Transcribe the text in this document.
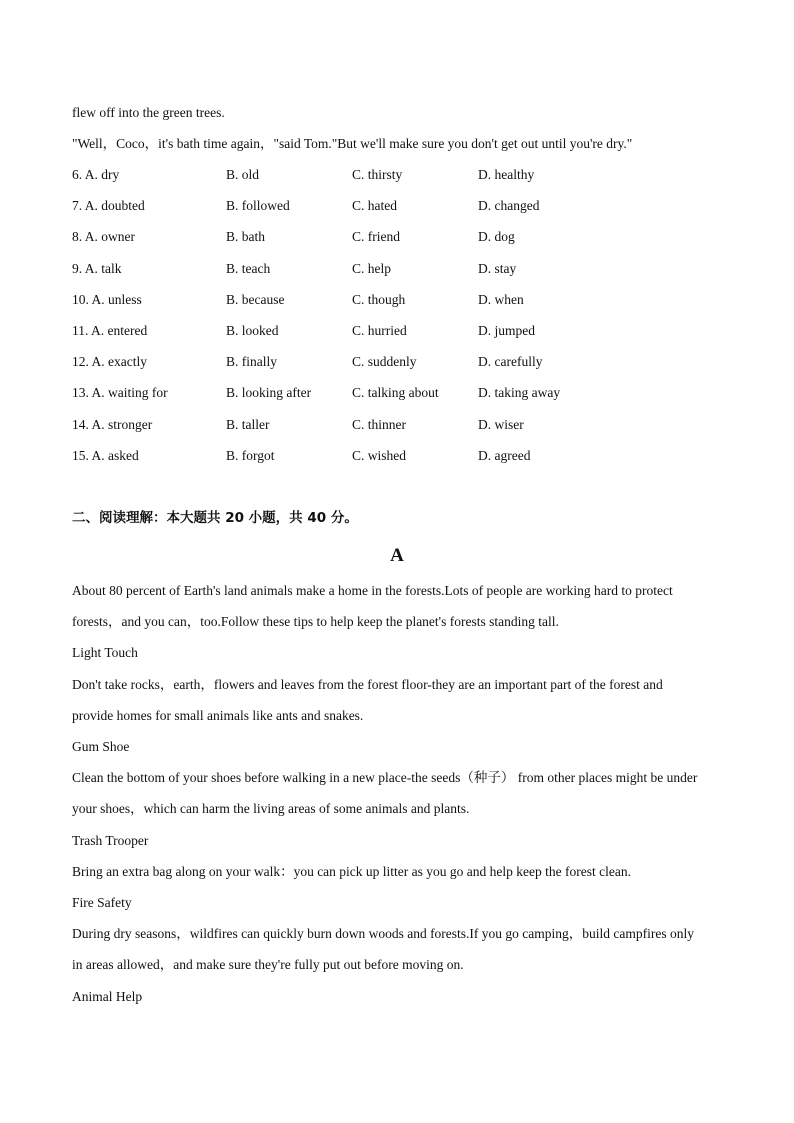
flew off into the green trees.
"Well，Coco，it's bath time again，"said Tom."But we'll make sure you don't get out until you're dry."
6. A. dry	B. old	C. thirsty	D. healthy
7. A. doubted	B. followed	C. hated	D. changed
8. A. owner	B. bath	C. friend	D. dog
9. A. talk	B. teach	C. help	D. stay
10. A. unless	B. because	C. though	D. when
11. A. entered	B. looked	C. hurried	D. jumped
12. A. exactly	B. finally	C. suddenly	D. carefully
13. A. waiting for	B. looking after	C. talking about	D. taking away
14. A. stronger	B. taller	C. thinner	D. wiser
15. A. asked	B. forgot	C. wished	D. agreed
二、阅读理解：本大题共 20 小题，共 40 分。
A
About 80 percent of Earth's land animals make a home in the forests.Lots of people are working hard to protect
forests，and you can，too.Follow these tips to help keep the planet's forests standing tall.
Light Touch
Don't take rocks，earth，flowers and leaves from the forest floor-they are an important part of the forest and
provide homes for small animals like ants and snakes.
Gum Shoe
Clean the bottom of your shoes before walking in a new place-the seeds（种子） from other places might be under
your shoes，which can harm the living areas of some animals and plants.
Trash Trooper
Bring an extra bag along on your walk：you can pick up litter as you go and help keep the forest clean.
Fire Safety
During dry seasons，wildfires can quickly burn down woods and forests.If you go camping，build campfires only
in areas allowed，and make sure they're fully put out before moving on.
Animal Help
